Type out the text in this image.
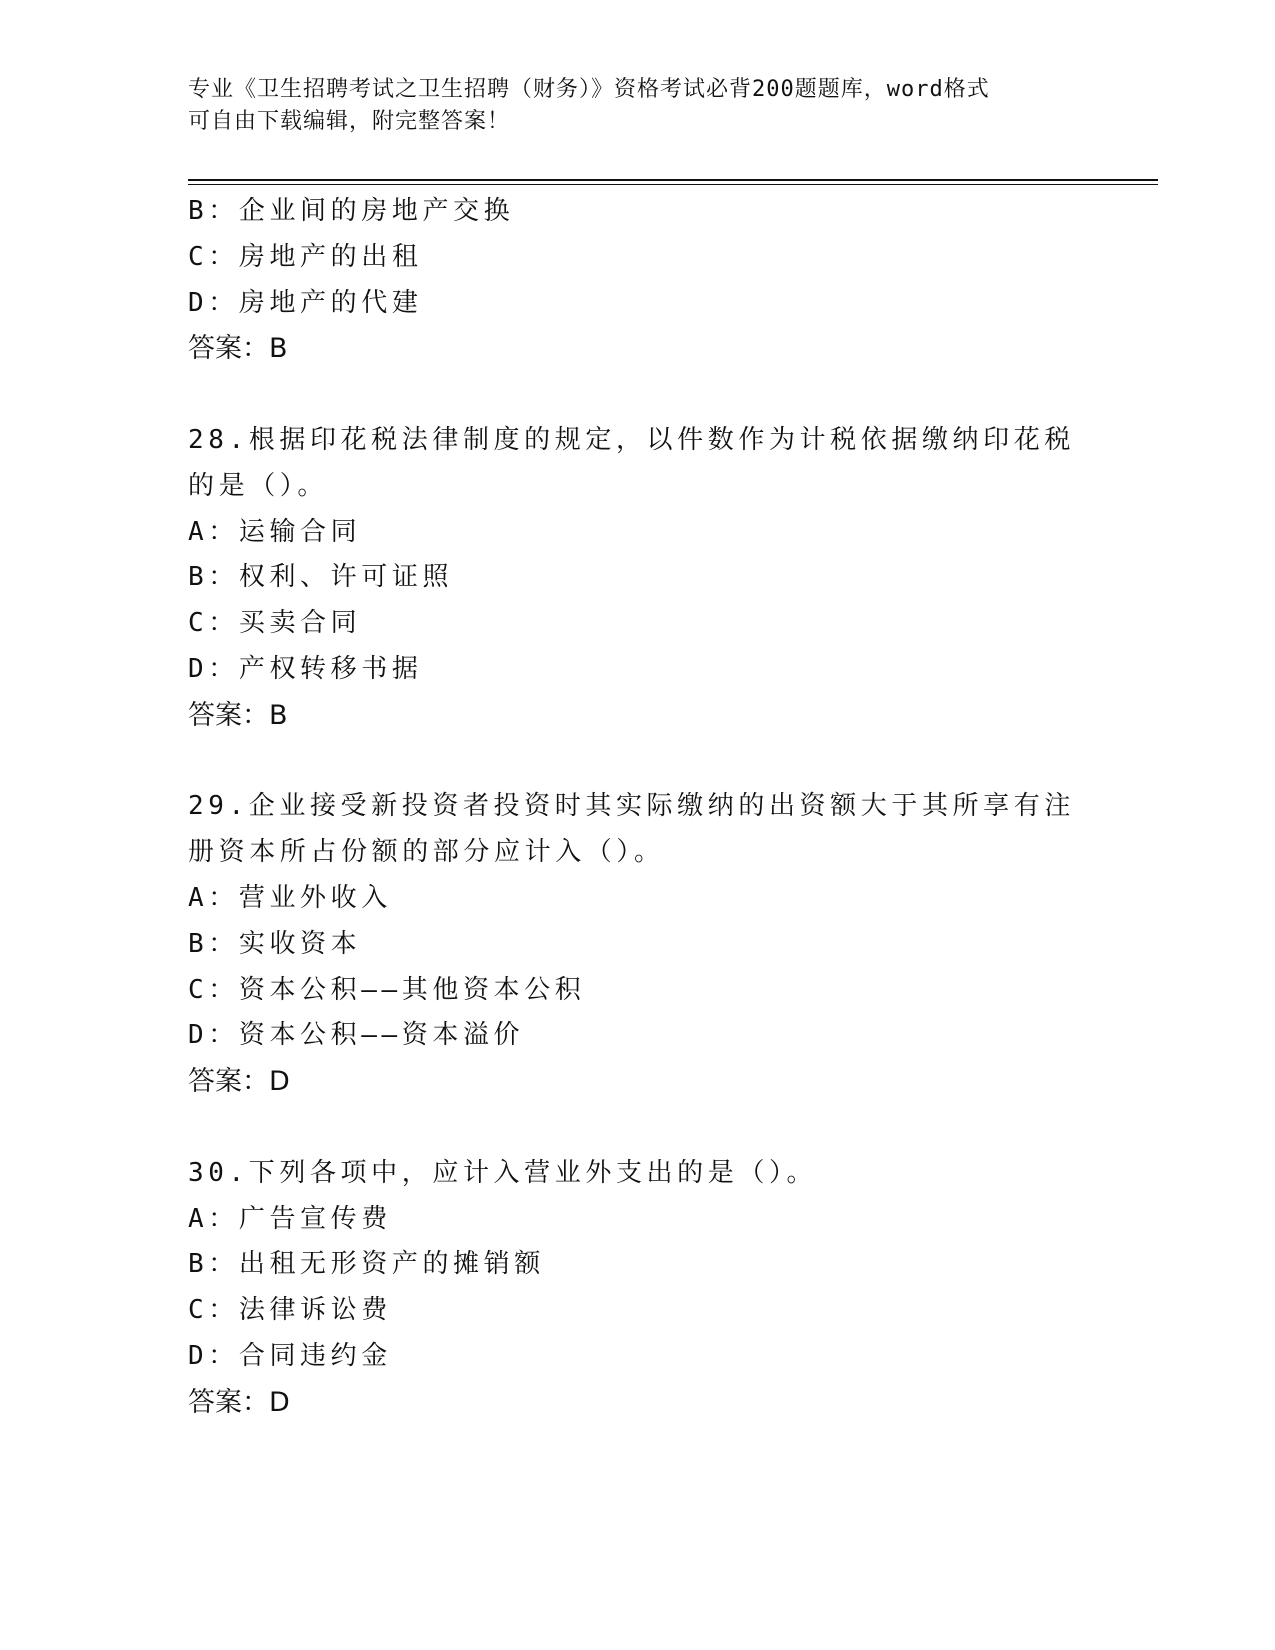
专业《卫生招聘考试之卫生招聘（财务）》资格考试必背200题题库，word格式
可自由下载编辑，附完整答案！
B：企业间的房地产交换
C：房地产的出租
D：房地产的代建
答案：B
28.根据印花税法律制度的规定，以件数作为计税依据缴纳印花税的是（）。
A：运输合同
B：权利、许可证照
C：买卖合同
D：产权转移书据
答案：B
29.企业接受新投资者投资时其实际缴纳的出资额大于其所享有注册资本所占份额的部分应计入（）。
A：营业外收入
B：实收资本
C：资本公积——其他资本公积
D：资本公积——资本溢价
答案：D
30.下列各项中，应计入营业外支出的是（）。
A：广告宣传费
B：出租无形资产的摊销额
C：法律诉讼费
D：合同违约金
答案：D
